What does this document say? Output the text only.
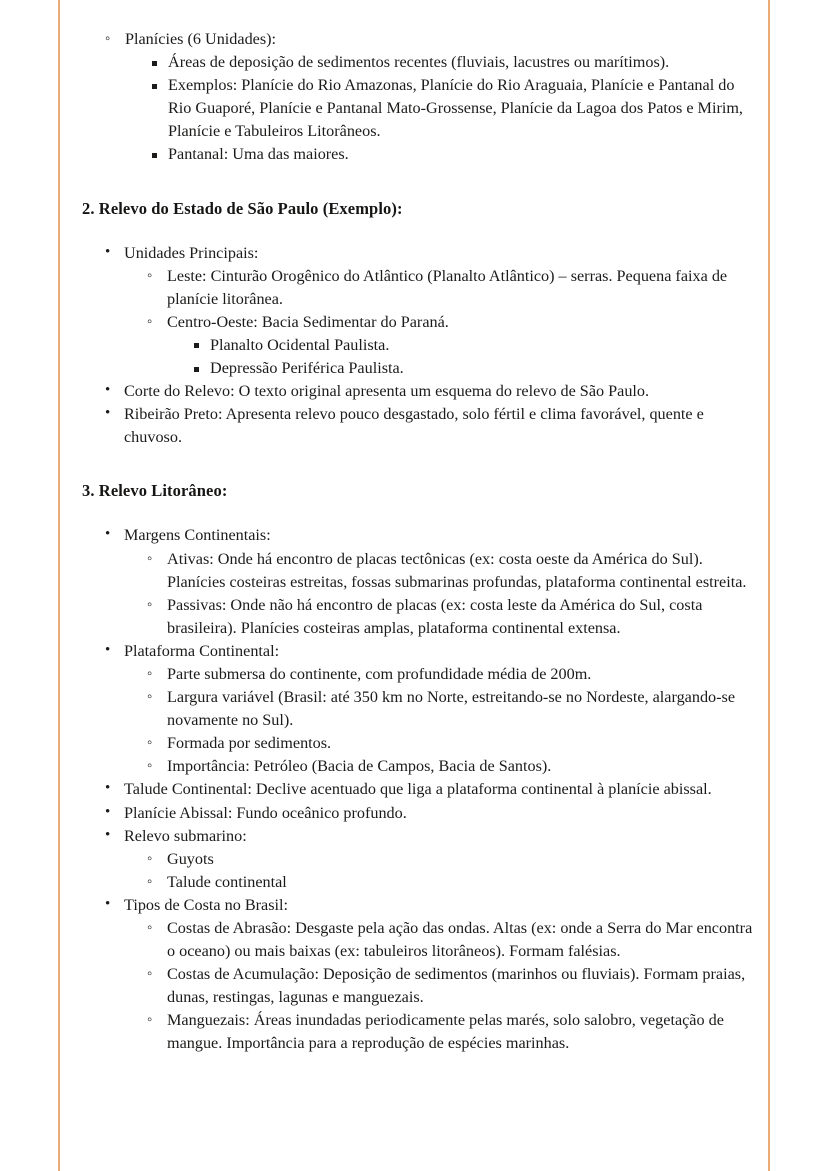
◦ Planícies (6 Unidades):
Áreas de deposição de sedimentos recentes (fluviais, lacustres ou marítimos).
Exemplos: Planície do Rio Amazonas, Planície do Rio Araguaia, Planície e Pantanal do Rio Guaporé, Planície e Pantanal Mato-Grossense, Planície da Lagoa dos Patos e Mirim, Planície e Tabuleiros Litorâneos.
Pantanal: Uma das maiores.

2. Relevo do Estado de São Paulo (Exemplo):

• Unidades Principais:
◦ Leste: Cinturão Orogênico do Atlântico (Planalto Atlântico) – serras. Pequena faixa de planície litorânea.
◦ Centro-Oeste: Bacia Sedimentar do Paraná.
Planalto Ocidental Paulista.
Depressão Periférica Paulista.
• Corte do Relevo: O texto original apresenta um esquema do relevo de São Paulo.
• Ribeirão Preto: Apresenta relevo pouco desgastado, solo fértil e clima favorável, quente e chuvoso.

3. Relevo Litorâneo:

• Margens Continentais:
◦ Ativas: Onde há encontro de placas tectônicas (ex: costa oeste da América do Sul). Planícies costeiras estreitas, fossas submarinas profundas, plataforma continental estreita.
◦ Passivas: Onde não há encontro de placas (ex: costa leste da América do Sul, costa brasileira). Planícies costeiras amplas, plataforma continental extensa.
• Plataforma Continental:
◦ Parte submersa do continente, com profundidade média de 200m.
◦ Largura variável (Brasil: até 350 km no Norte, estreitando-se no Nordeste, alargando-se novamente no Sul).
◦ Formada por sedimentos.
◦ Importância: Petróleo (Bacia de Campos, Bacia de Santos).
• Talude Continental: Declive acentuado que liga a plataforma continental à planície abissal.
• Planície Abissal: Fundo oceânico profundo.
• Relevo submarino:
◦ Guyots
◦ Talude continental
• Tipos de Costa no Brasil:
◦ Costas de Abrasão: Desgaste pela ação das ondas. Altas (ex: onde a Serra do Mar encontra o oceano) ou mais baixas (ex: tabuleiros litorâneos). Formam falésias.
◦ Costas de Acumulação: Deposição de sedimentos (marinhos ou fluviais). Formam praias, dunas, restingas, lagunas e manguezais.
◦ Manguezais: Áreas inundadas periodicamente pelas marés, solo salobro, vegetação de mangue. Importância para a reprodução de espécies marinhas.
